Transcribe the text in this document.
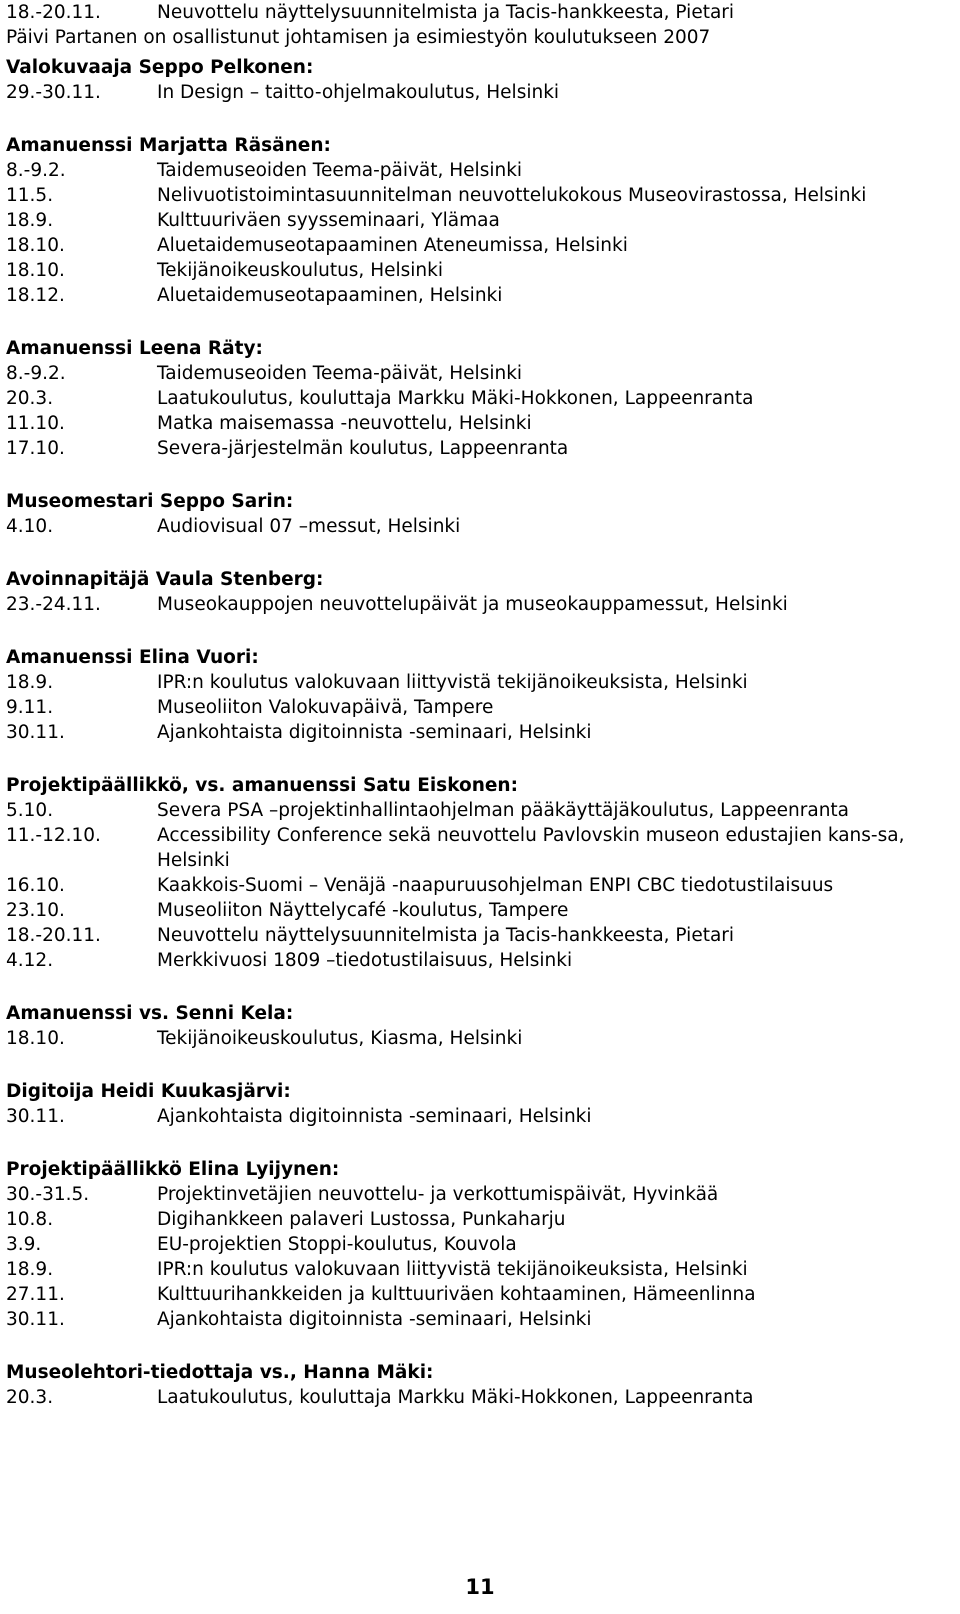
18.-20.11.	Neuvottelu näyttelysuunnitelmista ja Tacis-hankkeesta, Pietari
Päivi Partanen on osallistunut johtamisen ja esimiestyön koulutukseen 2007
Valokuvaaja Seppo Pelkonen:
29.-30.11.	In Design – taitto-ohjelmakoulutus, Helsinki
Amanuenssi Marjatta Räsänen:
8.-9.2.	Taidemuseoiden Teema-päivät, Helsinki
11.5.	Nelivuotistoimintasuunnitelman neuvottelukokous Museovirastossa, Helsinki
18.9.	Kulttuuriväen syysseminaari, Ylämaa
18.10.	Aluetaidemuseotapaaminen Ateneumissa, Helsinki
18.10.	Tekijänoikeuskoulutus, Helsinki
18.12.	Aluetaidemuseotapaaminen, Helsinki
Amanuenssi Leena Räty:
8.-9.2.	Taidemuseoiden Teema-päivät, Helsinki
20.3.	Laatukoulutus, kouluttaja Markku Mäki-Hokkonen, Lappeenranta
11.10.	Matka maisemassa -neuvottelu, Helsinki
17.10.	Severa-järjestelmän koulutus, Lappeenranta
Museomestari Seppo Sarin:
4.10.	Audiovisual 07 –messut, Helsinki
Avoinnapitäjä Vaula Stenberg:
23.-24.11.	Museokauppojen neuvottelupäivät ja museokauppamessut, Helsinki
Amanuenssi Elina Vuori:
18.9.	IPR:n koulutus valokuvaan liittyvistä tekijänoikeuksista, Helsinki
9.11.	Museoliiton Valokuvapäivä, Tampere
30.11.	Ajankohtaista digitoinnista -seminaari, Helsinki
Projektipäällikkö, vs. amanuenssi Satu Eiskonen:
5.10.	Severa PSA –projektinhallintaohjelman pääkäyttäjäkoulutus, Lappeenranta
11.-12.10.	Accessibility Conference sekä neuvottelu Pavlovskin museon edustajien kans-sa, Helsinki
16.10.	Kaakkois-Suomi – Venäjä -naapuruusohjelman ENPI CBC tiedotustilaisuus
23.10.	Museoliiton Näyttelycafé -koulutus, Tampere
18.-20.11.	Neuvottelu näyttelysuunnitelmista ja Tacis-hankkeesta, Pietari
4.12.	Merkkivuosi 1809 –tiedotustilaisuus, Helsinki
Amanuenssi vs. Senni Kela:
18.10.	Tekijänoikeuskoulutus, Kiasma, Helsinki
Digitoija Heidi Kuukasjärvi:
30.11.	Ajankohtaista digitoinnista -seminaari, Helsinki
Projektipäällikkö Elina Lyijynen:
30.-31.5.	Projektinvetäjien neuvottelu- ja verkottumispäivät, Hyvinkää
10.8.	Digihankkeen palaveri Lustossa, Punkaharju
3.9.	EU-projektien Stoppi-koulutus, Kouvola
18.9.	IPR:n koulutus valokuvaan liittyvistä tekijänoikeuksista, Helsinki
27.11.	Kulttuurihankkeiden ja kulttuuriväen kohtaaminen, Hämeenlinna
30.11.	Ajankohtaista digitoinnista -seminaari, Helsinki
Museolehtori-tiedottaja vs., Hanna Mäki:
20.3.	Laatukoulutus, kouluttaja Markku Mäki-Hokkonen, Lappeenranta
11
